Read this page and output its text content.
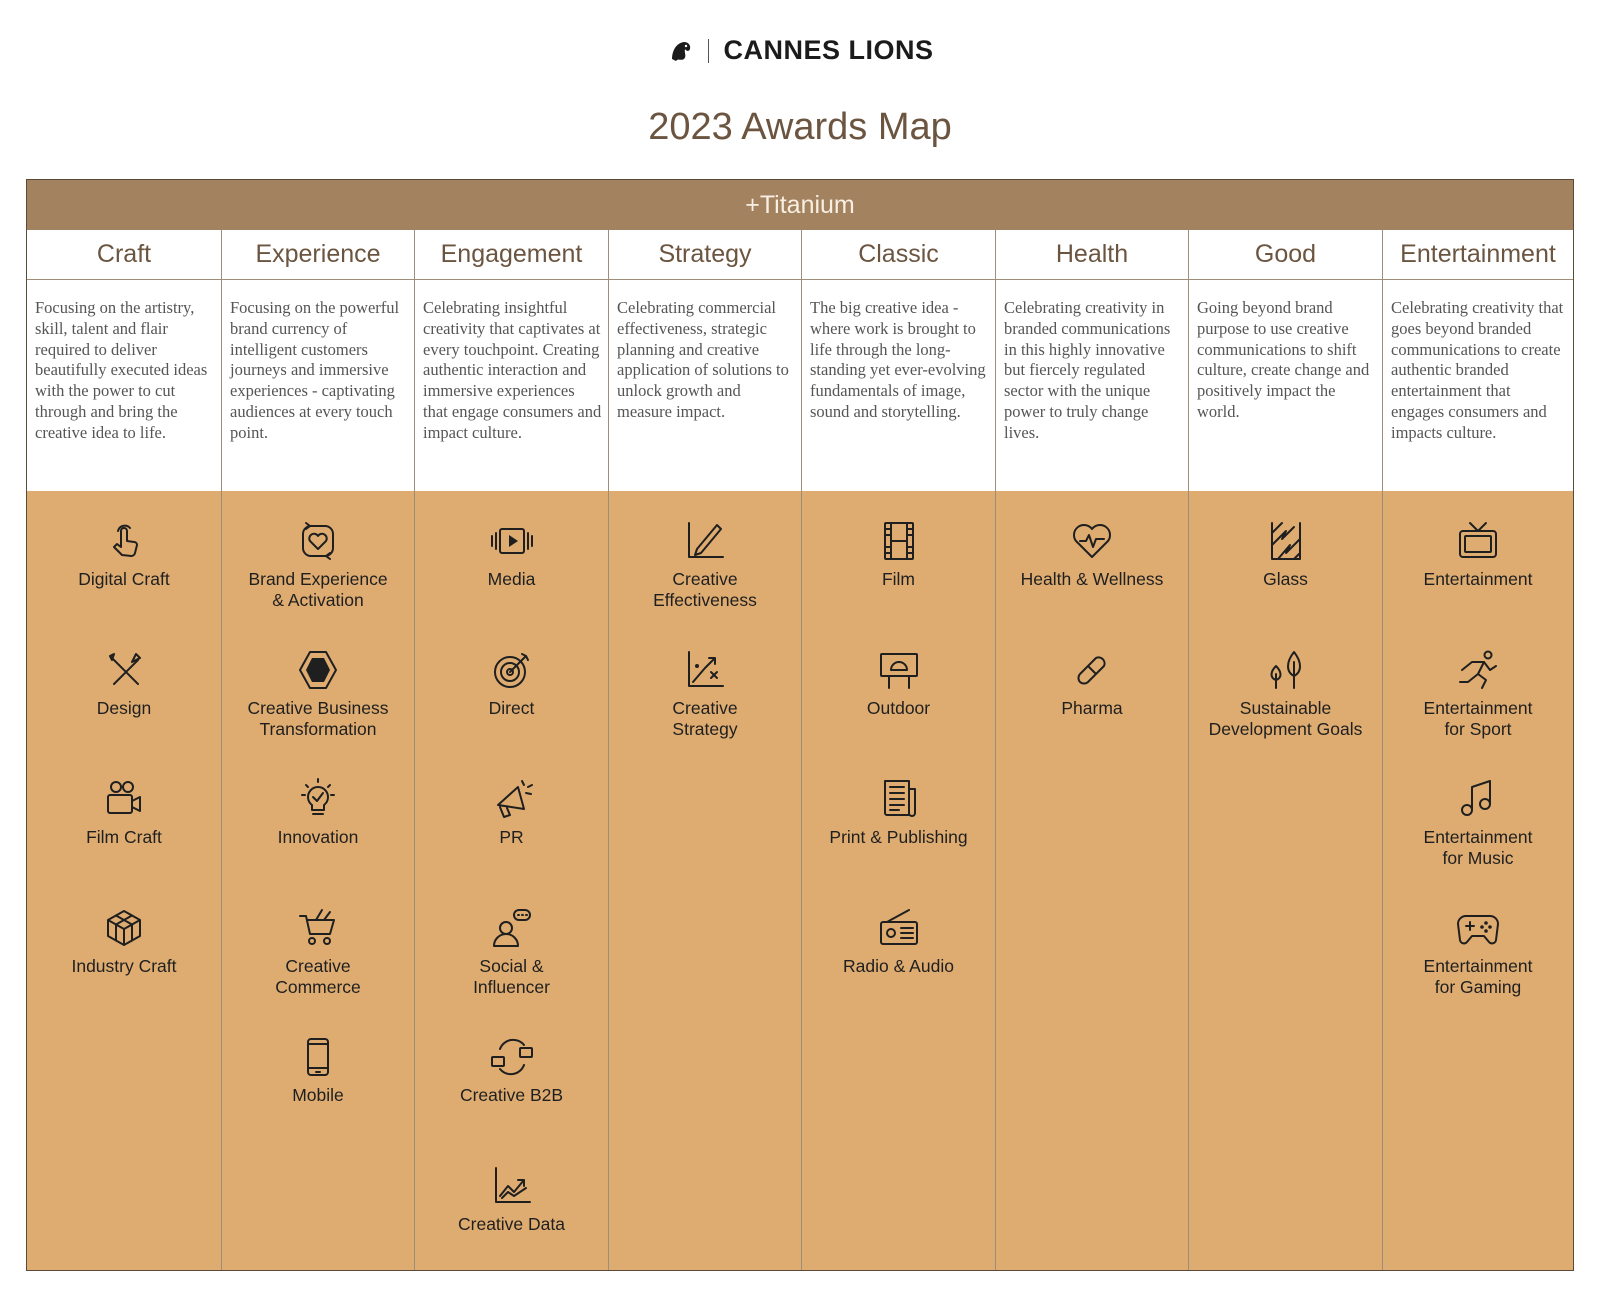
CANNES LIONS
2023 Awards Map
+Titanium
Craft
Focusing on the artistry, skill, talent and flair required to deliver beautifully executed ideas with the power to cut through and bring the creative idea to life.
Digital Craft
Design
Film Craft
Industry Craft
Experience
Focusing on the powerful brand currency of intelligent customers journeys and immersive experiences - captivating audiences at every touch point.
Brand Experience
& Activation
Creative Business
Transformation
Innovation
Creative
Commerce
Mobile
Engagement
Celebrating insightful creativity that captivates at every touchpoint. Creating authentic interaction and immersive experiences that engage consumers and impact culture.
Media
Direct
PR
Social &
Influencer
Creative B2B
Creative Data
Strategy
Celebrating commercial effectiveness, strategic planning and creative application of solutions to unlock growth and measure impact.
Creative
Effectiveness
Creative
Strategy
Classic
The big creative idea - where work is brought to life through the long-standing yet ever-evolving fundamentals of image, sound and storytelling.
Film
Outdoor
Print & Publishing
Radio & Audio
Health
Celebrating creativity in branded communications in this highly innovative but fiercely regulated sector with the unique power to truly change lives.
Health & Wellness
Pharma
Good
Going beyond brand purpose to use creative communications to shift culture, create change and positively impact the world.
Glass
Sustainable
Development Goals
Entertainment
Celebrating creativity that goes beyond branded communications to create authentic branded entertainment that engages consumers and impacts culture.
Entertainment
Entertainment
for Sport
Entertainment
for Music
Entertainment
for Gaming
